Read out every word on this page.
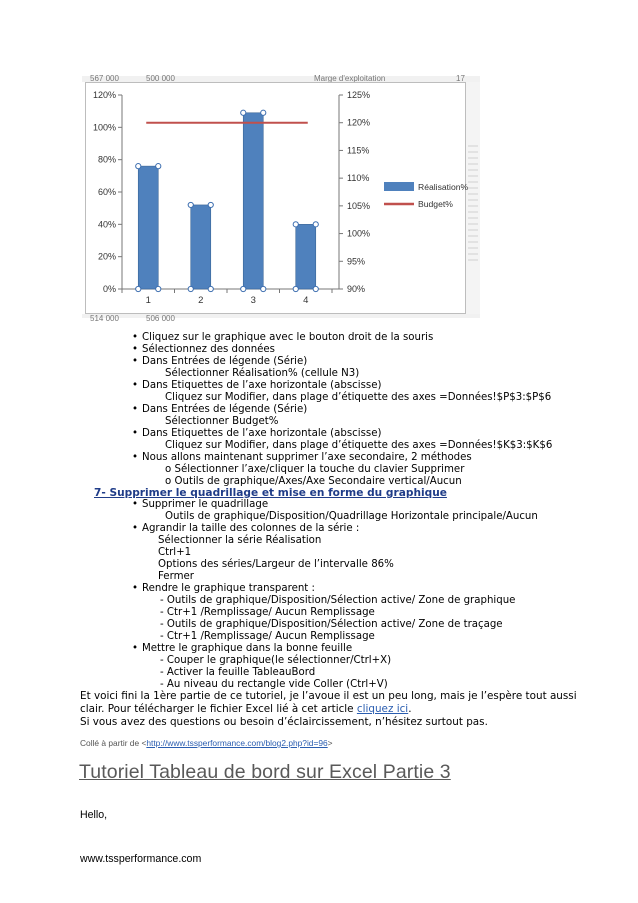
567 000	500 000	Marge d'exploitation	17
514 000	506 000
0%
20%
40%
60%
80%
100%
120%
90%
95%
100%
105%
110%
115%
120%
125%
1	2	3	4
Réalisation%
Budget%
• Cliquez sur le graphique avec le bouton droit de la souris
• Sélectionnez des données
• Dans Entrées de légende (Série)
Sélectionner Réalisation% (cellule N3)
• Dans Etiquettes de l’axe horizontale (abscisse)
Cliquez sur Modifier, dans plage d’étiquette des axes =Données!$P$3:$P$6
• Dans Entrées de légende (Série)
Sélectionner Budget%
• Dans Etiquettes de l’axe horizontale (abscisse)
Cliquez sur Modifier, dans plage d’étiquette des axes =Données!$K$3:$K$6
• Nous allons maintenant supprimer l’axe secondaire, 2 méthodes
o Sélectionner l’axe/cliquer la touche du clavier Supprimer
o Outils de graphique/Axes/Axe Secondaire vertical/Aucun
7- Supprimer le quadrillage et mise en forme du graphique
• Supprimer le quadrillage
Outils de graphique/Disposition/Quadrillage Horizontale principale/Aucun
• Agrandir la taille des colonnes de la série :
Sélectionner la série Réalisation
Ctrl+1
Options des séries/Largeur de l’intervalle 86%
Fermer
• Rendre le graphique transparent :
- Outils de graphique/Disposition/Sélection active/ Zone de graphique
- Ctr+1 /Remplissage/ Aucun Remplissage
- Outils de graphique/Disposition/Sélection active/ Zone de traçage
- Ctr+1 /Remplissage/ Aucun Remplissage
• Mettre le graphique dans la bonne feuille
- Couper le graphique(le sélectionner/Ctrl+X)
- Activer la feuille TableauBord
- Au niveau du rectangle vide Coller (Ctrl+V)
Et voici fini la 1ère partie de ce tutoriel, je l’avoue il est un peu long, mais je l’espère tout aussi
clair. Pour télécharger le fichier Excel lié à cet article cliquez ici.
Si vous avez des questions ou besoin d’éclaircissement, n’hésitez surtout pas.
Collé à partir de <http://www.tssperformance.com/blog2.php?id=96>
Tutoriel Tableau de bord sur Excel Partie 3
Hello,
www.tssperformance.com
